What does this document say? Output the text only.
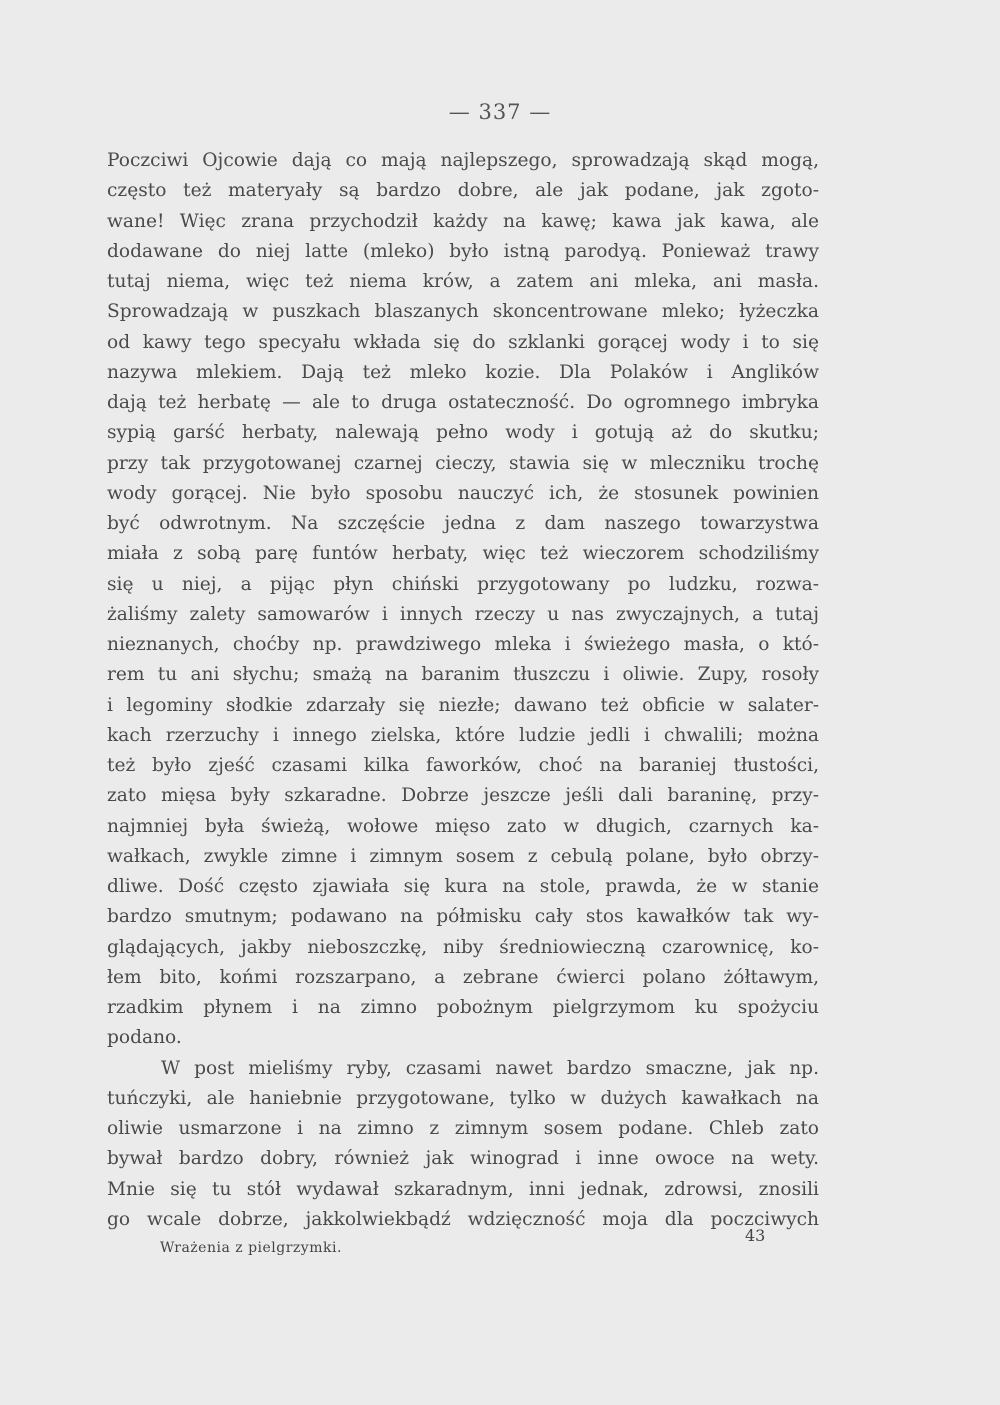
— 337 —
Poczciwi Ojcowie dają co mają najlepszego, sprowadzają skąd mogą,
często też materyały są bardzo dobre, ale jak podane, jak zgoto-
wane! Więc zrana przychodził każdy na kawę; kawa jak kawa, ale
dodawane do niej latte (mleko) było istną parodyą. Ponieważ trawy
tutaj niema, więc też niema krów, a zatem ani mleka, ani masła.
Sprowadzają w puszkach blaszanych skoncentrowane mleko; łyżeczka
od kawy tego specyału wkłada się do szklanki gorącej wody i to się
nazywa mlekiem. Dają też mleko kozie. Dla Polaków i Anglików
dają też herbatę — ale to druga ostateczność. Do ogromnego imbryka
sypią garść herbaty, nalewają pełno wody i gotują aż do skutku;
przy tak przygotowanej czarnej cieczy, stawia się w mleczniku trochę
wody gorącej. Nie było sposobu nauczyć ich, że stosunek powinien
być odwrotnym. Na szczęście jedna z dam naszego towarzystwa
miała z sobą parę funtów herbaty, więc też wieczorem schodziliśmy
się u niej, a pijąc płyn chiński przygotowany po ludzku, rozwa-
żaliśmy zalety samowarów i innych rzeczy u nas zwyczajnych, a tutaj
nieznanych, choćby np. prawdziwego mleka i świeżego masła, o któ-
rem tu ani słychu; smażą na baranim tłuszczu i oliwie. Zupy, rosoły
i legominy słodkie zdarzały się niezłe; dawano też obficie w salater-
kach rzerzuchy i innego zielska, które ludzie jedli i chwalili; można
też było zjeść czasami kilka faworków, choć na baraniej tłustości,
zato mięsa były szkaradne. Dobrze jeszcze jeśli dali baraninę, przy-
najmniej była świeżą, wołowe mięso zato w długich, czarnych ka-
wałkach, zwykle zimne i zimnym sosem z cebulą polane, było obrzy-
dliwe. Dość często zjawiała się kura na stole, prawda, że w stanie
bardzo smutnym; podawano na półmisku cały stos kawałków tak wy-
glądających, jakby nieboszczkę, niby średniowieczną czarownicę, ko-
łem bito, końmi rozszarpano, a zebrane ćwierci polano żółtawym,
rzadkim płynem i na zimno pobożnym pielgrzymom ku spożyciu
podano.
W post mieliśmy ryby, czasami nawet bardzo smaczne, jak np.
tuńczyki, ale haniebnie przygotowane, tylko w dużych kawałkach na
oliwie usmarzone i na zimno z zimnym sosem podane. Chleb zato
bywał bardzo dobry, również jak winograd i inne owoce na wety.
Mnie się tu stół wydawał szkaradnym, inni jednak, zdrowsi, znosili
go wcale dobrze, jakkolwiekbądź wdzięczność moja dla poczciwych
Wrażenia z pielgrzymki.
43
